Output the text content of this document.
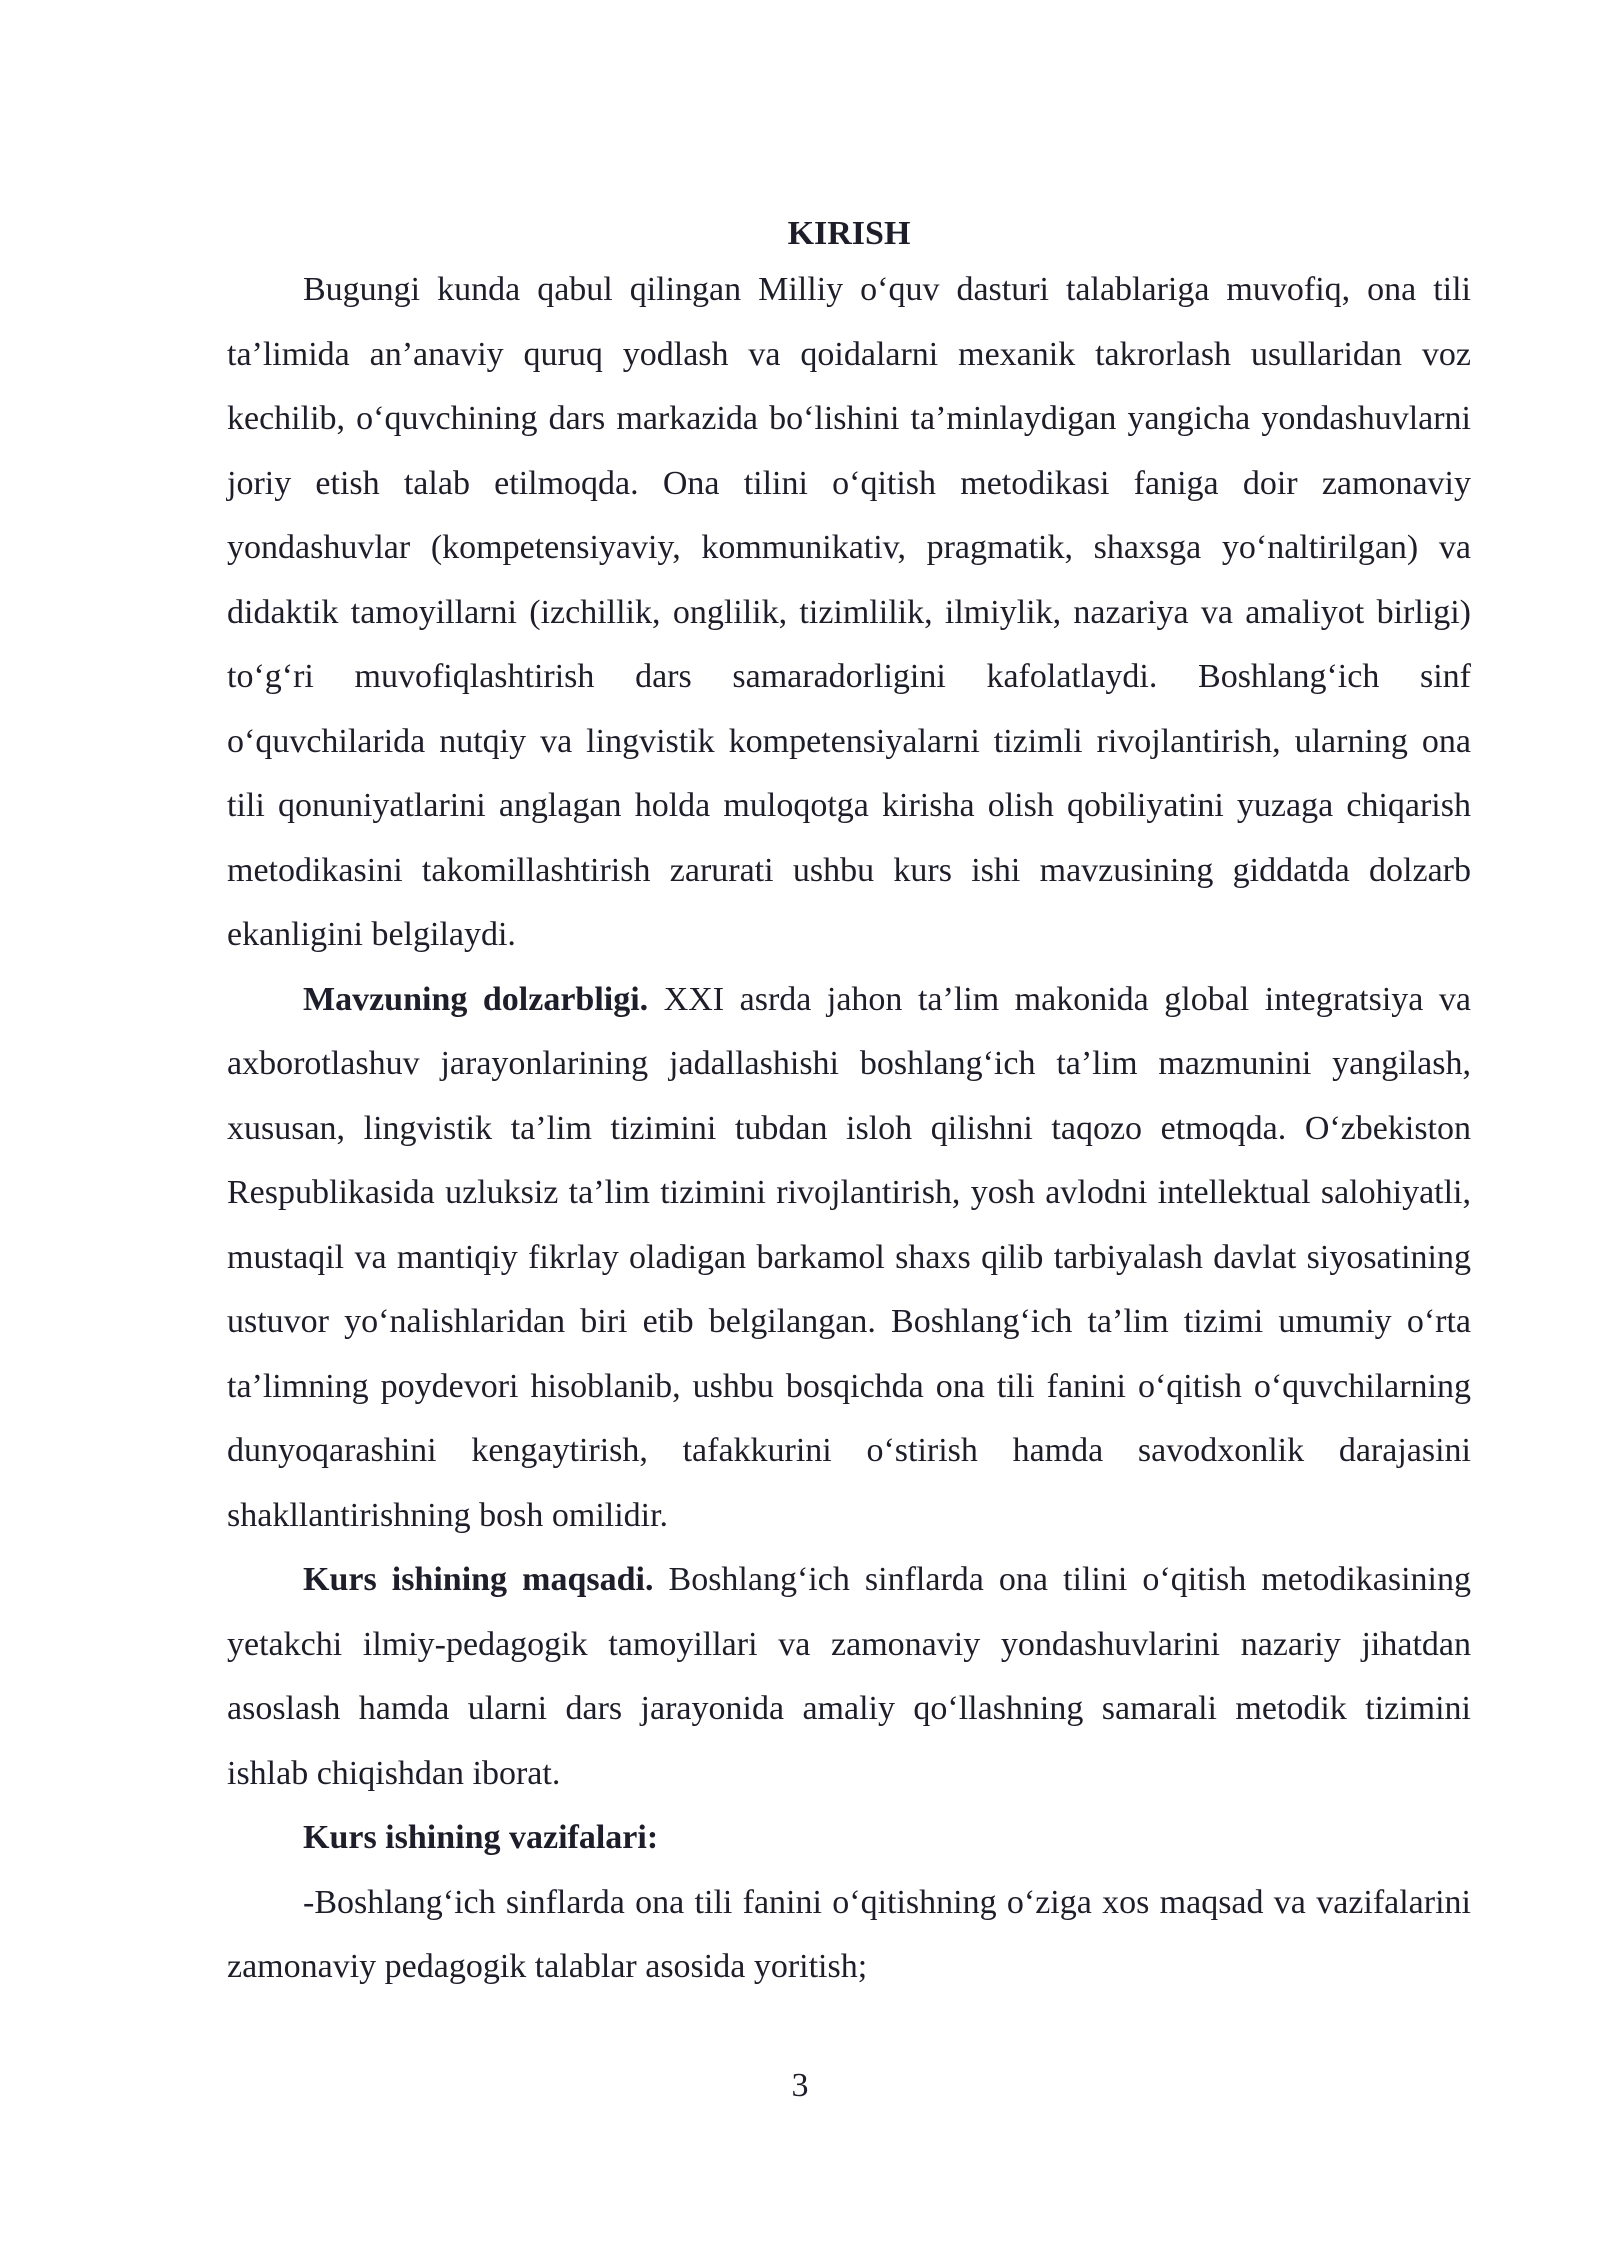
KIRISH

Bugungi kunda qabul qilingan Milliy o‘quv dasturi talablariga muvofiq, ona tili ta’limida an’anaviy quruq yodlash va qoidalarni mexanik takrorlash usullaridan voz kechilib, o‘quvchining dars markazida bo‘lishini ta’minlaydigan yangicha yondashuvlarni joriy etish talab etilmoqda. Ona tilini o‘qitish metodikasi faniga doir zamonaviy yondashuvlar (kompetensiyaviy, kommunikativ, pragmatik, shaxsga yo‘naltirilgan) va didaktik tamoyillarni (izchillik, onglilik, tizimlilik, ilmiylik, nazariya va amaliyot birligi) to‘g‘ri muvofiqlashtirish dars samaradorligini kafolatlaydi. Boshlang‘ich sinf o‘quvchilarida nutqiy va lingvistik kompetensiyalarni tizimli rivojlantirish, ularning ona tili qonuniyatlarini anglagan holda muloqotga kirisha olish qobiliyatini yuzaga chiqarish metodikasini takomillashtirish zarurati ushbu kurs ishi mavzusining giddatda dolzarb ekanligini belgilaydi.

Mavzuning dolzarbligi. XXI asrda jahon ta’lim makonida global integratsiya va axborotlashuv jarayonlarining jadallashishi boshlang‘ich ta’lim mazmunini yangilash, xususan, lingvistik ta’lim tizimini tubdan isloh qilishni taqozo etmoqda. O‘zbekiston Respublikasida uzluksiz ta’lim tizimini rivojlantirish, yosh avlodni intellektual salohiyatli, mustaqil va mantiqiy fikrlay oladigan barkamol shaxs qilib tarbiyalash davlat siyosatining ustuvor yo‘nalishlaridan biri etib belgilangan. Boshlang‘ich ta’lim tizimi umumiy o‘rta ta’limning poydevori hisoblanib, ushbu bosqichda ona tili fanini o‘qitish o‘quvchilarning dunyoqarashini kengaytirish, tafakkurini o‘stirish hamda savodxonlik darajasini shakllantirishning bosh omilidir.

Kurs ishining maqsadi. Boshlang‘ich sinflarda ona tilini o‘qitish metodikasining yetakchi ilmiy-pedagogik tamoyillari va zamonaviy yondashuvlarini nazariy jihatdan asoslash hamda ularni dars jarayonida amaliy qo‘llashning samarali metodik tizimini ishlab chiqishdan iborat.

Kurs ishining vazifalari:

-Boshlang‘ich sinflarda ona tili fanini o‘qitishning o‘ziga xos maqsad va vazifalarini zamonaviy pedagogik talablar asosida yoritish;

3
